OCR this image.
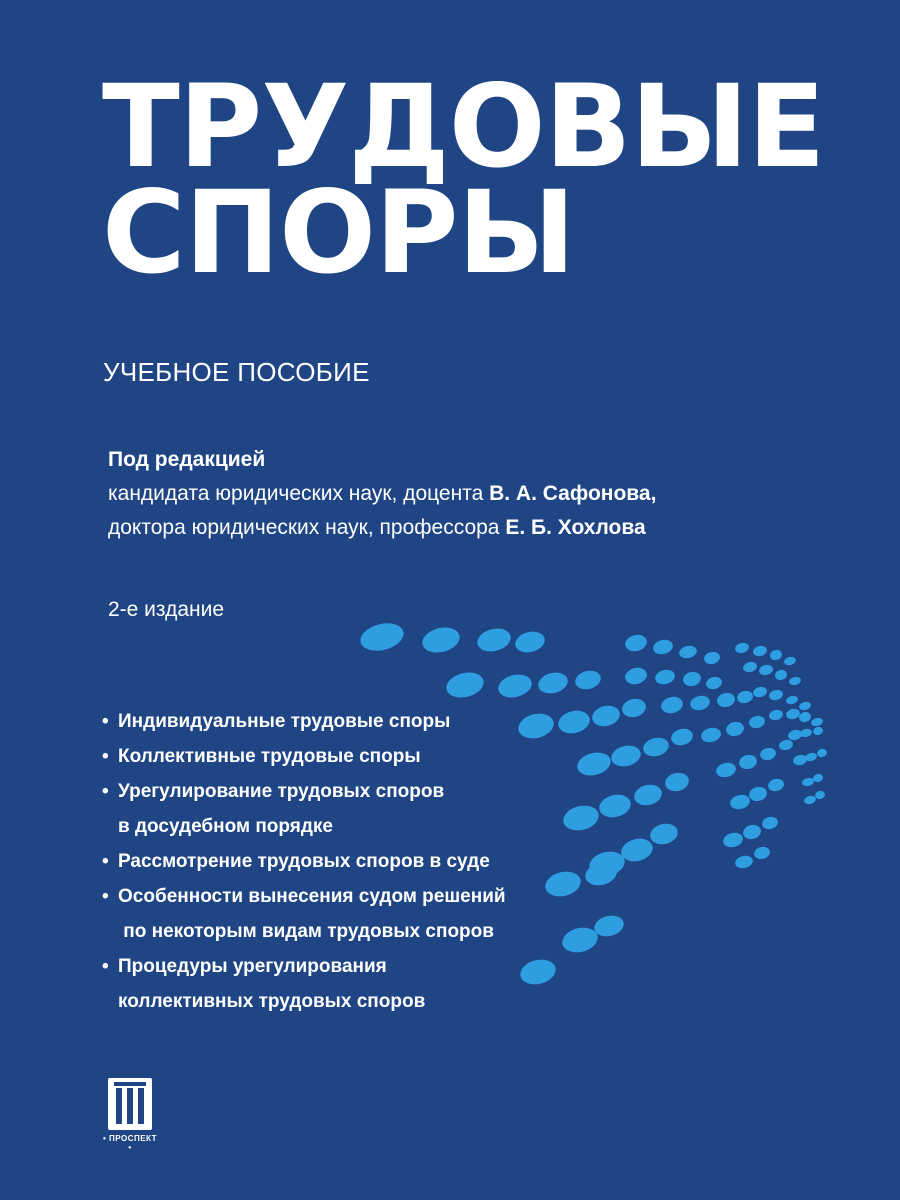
ТРУДОВЫЕ
СПОРЫ
УЧЕБНОЕ ПОСОБИЕ
Под редакцией
кандидата юридических наук, доцента В. А. Сафонова,
доктора юридических наук, профессора Е. Б. Хохлова
2-е издание
• Индивидуальные трудовые споры
• Коллективные трудовые споры
• Урегулирование трудовых споров
в досудебном порядке
• Рассмотрение трудовых споров в суде
• Особенности вынесения судом решений
по некоторым видам трудовых споров
• Процедуры урегулирования
коллективных трудовых споров
• ПРОСПЕКТ •
